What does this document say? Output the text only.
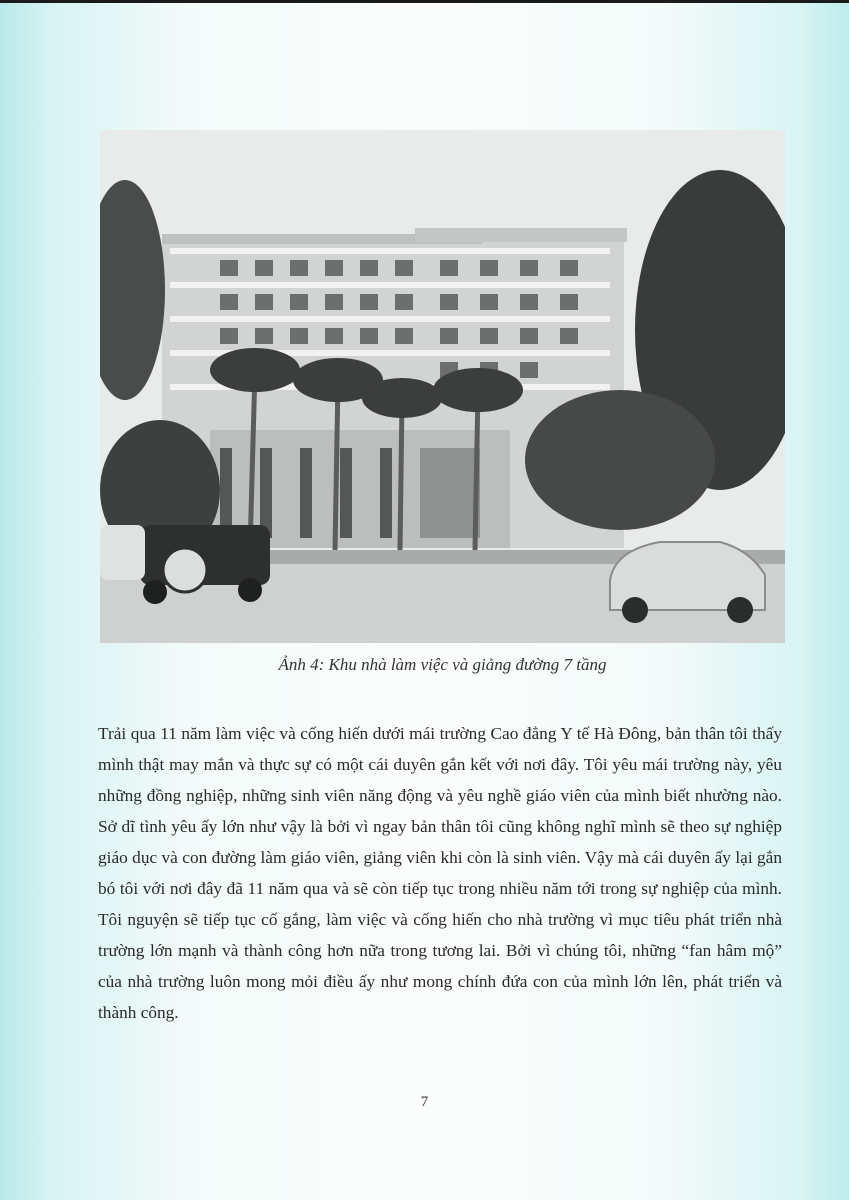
Ảnh 4: Khu nhà làm việc và giảng đường 7 tầng
Trải qua 11 năm làm việc và cống hiến dưới mái trường Cao đẳng Y tế Hà Đông, bản thân tôi thấy mình thật may mắn và thực sự có một cái duyên gắn kết với nơi đây. Tôi yêu mái trường này, yêu những đồng nghiệp, những sinh viên năng động và yêu nghề giáo viên của mình biết nhường nào. Sở dĩ tình yêu ấy lớn như vậy là bởi vì ngay bản thân tôi cũng không nghĩ mình sẽ theo sự nghiệp giáo dục và con đường làm giáo viên, giảng viên khi còn là sinh viên. Vậy mà cái duyên ấy lại gắn bó tôi với nơi đây đã 11 năm qua và sẽ còn tiếp tục trong nhiều năm tới trong sự nghiệp của mình. Tôi nguyện sẽ tiếp tục cố gắng, làm việc và cống hiến cho nhà trường vì mục tiêu phát triển nhà trường lớn mạnh và thành công hơn nữa trong tương lai. Bởi vì chúng tôi, những “fan hâm mộ” của nhà trường luôn mong mỏi điều ấy như mong chính đứa con của mình lớn lên, phát triển và thành công.
7
